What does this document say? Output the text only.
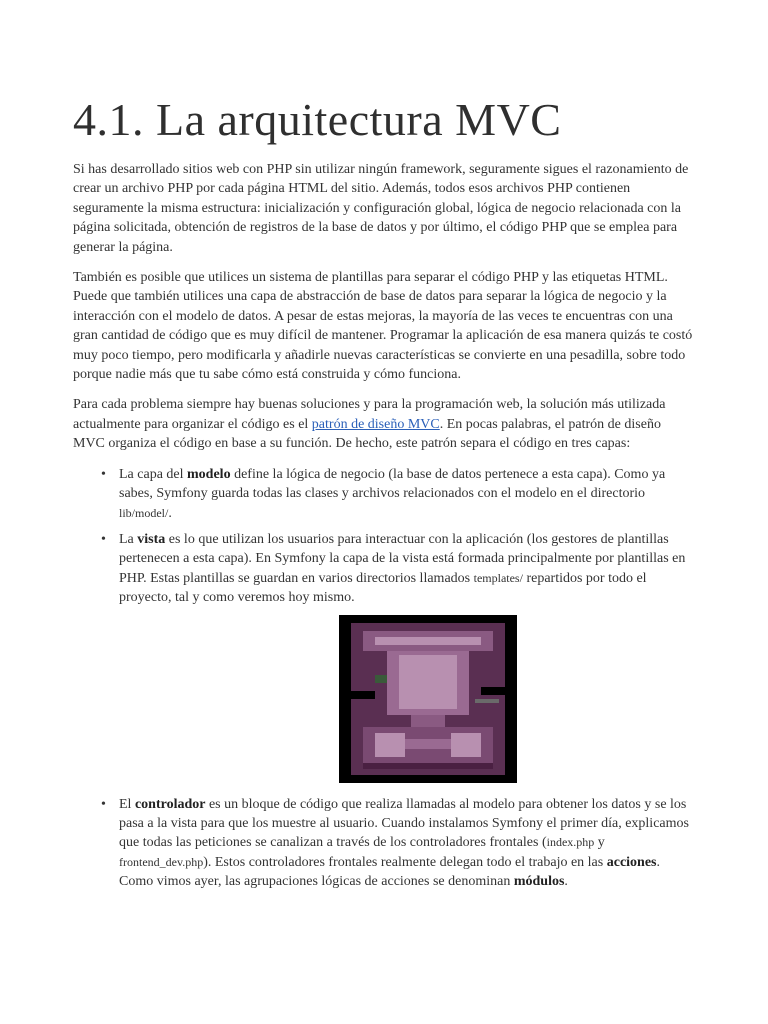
4.1. La arquitectura MVC

Si has desarrollado sitios web con PHP sin utilizar ningún framework, seguramente sigues el razonamiento de crear un archivo PHP por cada página HTML del sitio. Además, todos esos archivos PHP contienen seguramente la misma estructura: inicialización y configuración global, lógica de negocio relacionada con la página solicitada, obtención de registros de la base de datos y por último, el código PHP que se emplea para generar la página.

También es posible que utilices un sistema de plantillas para separar el código PHP y las etiquetas HTML. Puede que también utilices una capa de abstracción de base de datos para separar la lógica de negocio y la interacción con el modelo de datos. A pesar de estas mejoras, la mayoría de las veces te encuentras con una gran cantidad de código que es muy difícil de mantener. Programar la aplicación de esa manera quizás te costó muy poco tiempo, pero modificarla y añadirle nuevas características se convierte en una pesadilla, sobre todo porque nadie más que tu sabe cómo está construida y cómo funciona.

Para cada problema siempre hay buenas soluciones y para la programación web, la solución más utilizada actualmente para organizar el código es el patrón de diseño MVC. En pocas palabras, el patrón de diseño MVC organiza el código en base a su función. De hecho, este patrón separa el código en tres capas:

• La capa del modelo define la lógica de negocio (la base de datos pertenece a esta capa). Como ya sabes, Symfony guarda todas las clases y archivos relacionados con el modelo en el directorio lib/model/.
• La vista es lo que utilizan los usuarios para interactuar con la aplicación (los gestores de plantillas pertenecen a esta capa). En Symfony la capa de la vista está formada principalmente por plantillas en PHP. Estas plantillas se guardan en varios directorios llamados templates/ repartidos por todo el proyecto, tal y como veremos hoy mismo.
• El controlador es un bloque de código que realiza llamadas al modelo para obtener los datos y se los pasa a la vista para que los muestre al usuario. Cuando instalamos Symfony el primer día, explicamos que todas las peticiones se canalizan a través de los controladores frontales (index.php y frontend_dev.php). Estos controladores frontales realmente delegan todo el trabajo en las acciones. Como vimos ayer, las agrupaciones lógicas de acciones se denominan módulos.
